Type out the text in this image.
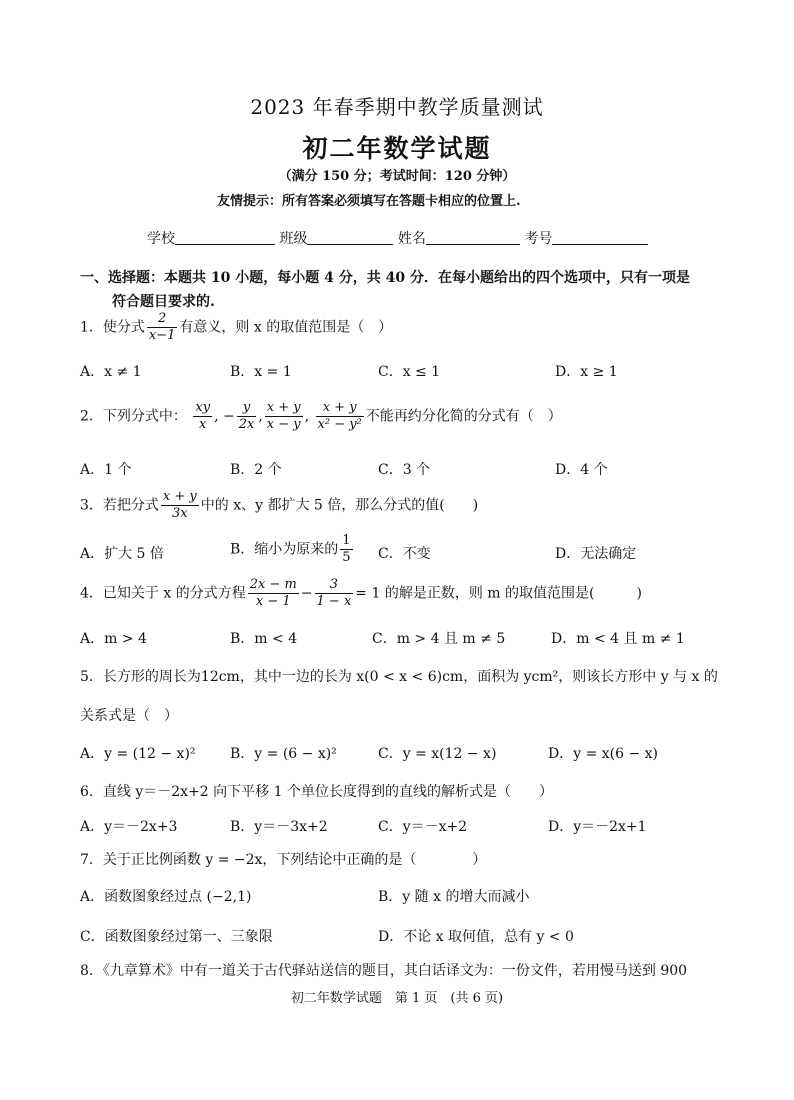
2023 年春季期中教学质量测试
初二年数学试题
（满分 150 分；考试时间：120 分钟）
友情提示：所有答案必须填写在答题卡相应的位置上.
学校	班级	姓名	考号
一、选择题：本题共 10 小题，每小题 4 分，共 40 分．在每小题给出的四个选项中，只有一项是
符合题目要求的.
1．使分式 $\frac{2}{x-1}$ 有意义，则 x 的取值范围是（　）
A．x ≠ 1	B．x = 1	C．x ≤ 1	D．x ≥ 1
2．下列分式中： $\frac{xy}{x}$ , − $\frac{y}{2x}$ , $\frac{x + y}{x - y}$ , $\frac{x + y}{\text{x² − y²}}$ 不能再约分化简的分式有（　）
A．1 个	B．2 个	C．3 个	D．4 个
3．若把分式 $\frac{x + y}{3x}$ 中的 x、y 都扩大 5 倍，那么分式的值(　　)
A．扩大 5 倍	B．缩小为原来的 $\frac{1}{5}$ C．不变	D．无法确定
4．已知关于 x 的分式方程 $\frac{2x - m}{x - 1} - \frac{3}{1 - x} = 1$ 的解是正数，则 m 的取值范围是(　　　)
A．m > 4	B．m < 4	C．m > 4 且 m ≠ 5	D．m < 4 且 m ≠ 1
5．长方形的周长为12cm，其中一边的长为 x(0 < x < 6)cm，面积为 ycm²，则该长方形中 y 与 x 的
关系式是（　）
A．y = (12 − x)² B．y = (6 − x)²	C．y = x(12 − x)	D．y = x(6 − x)
6．直线 y＝－2x+2 向下平移 1 个单位长度得到的直线的解析式是（　　）
A．y＝－2x+3	B．y＝－3x+2	C．y＝－x+2	D．y＝－2x+1
7．关于正比例函数 y = −2x，下列结论中正确的是（　　　　）
A．函数图象经过点 (−2,1)	B．y 随 x 的增大而减小
C．函数图象经过第一、三象限	D．不论 x 取何值，总有 y < 0
8．《九章算术》中有一道关于古代驿站送信的题目，其白话译文为：一份文件，若用慢马送到 900
初二年数学试题　第 1 页　(共 6 页)
